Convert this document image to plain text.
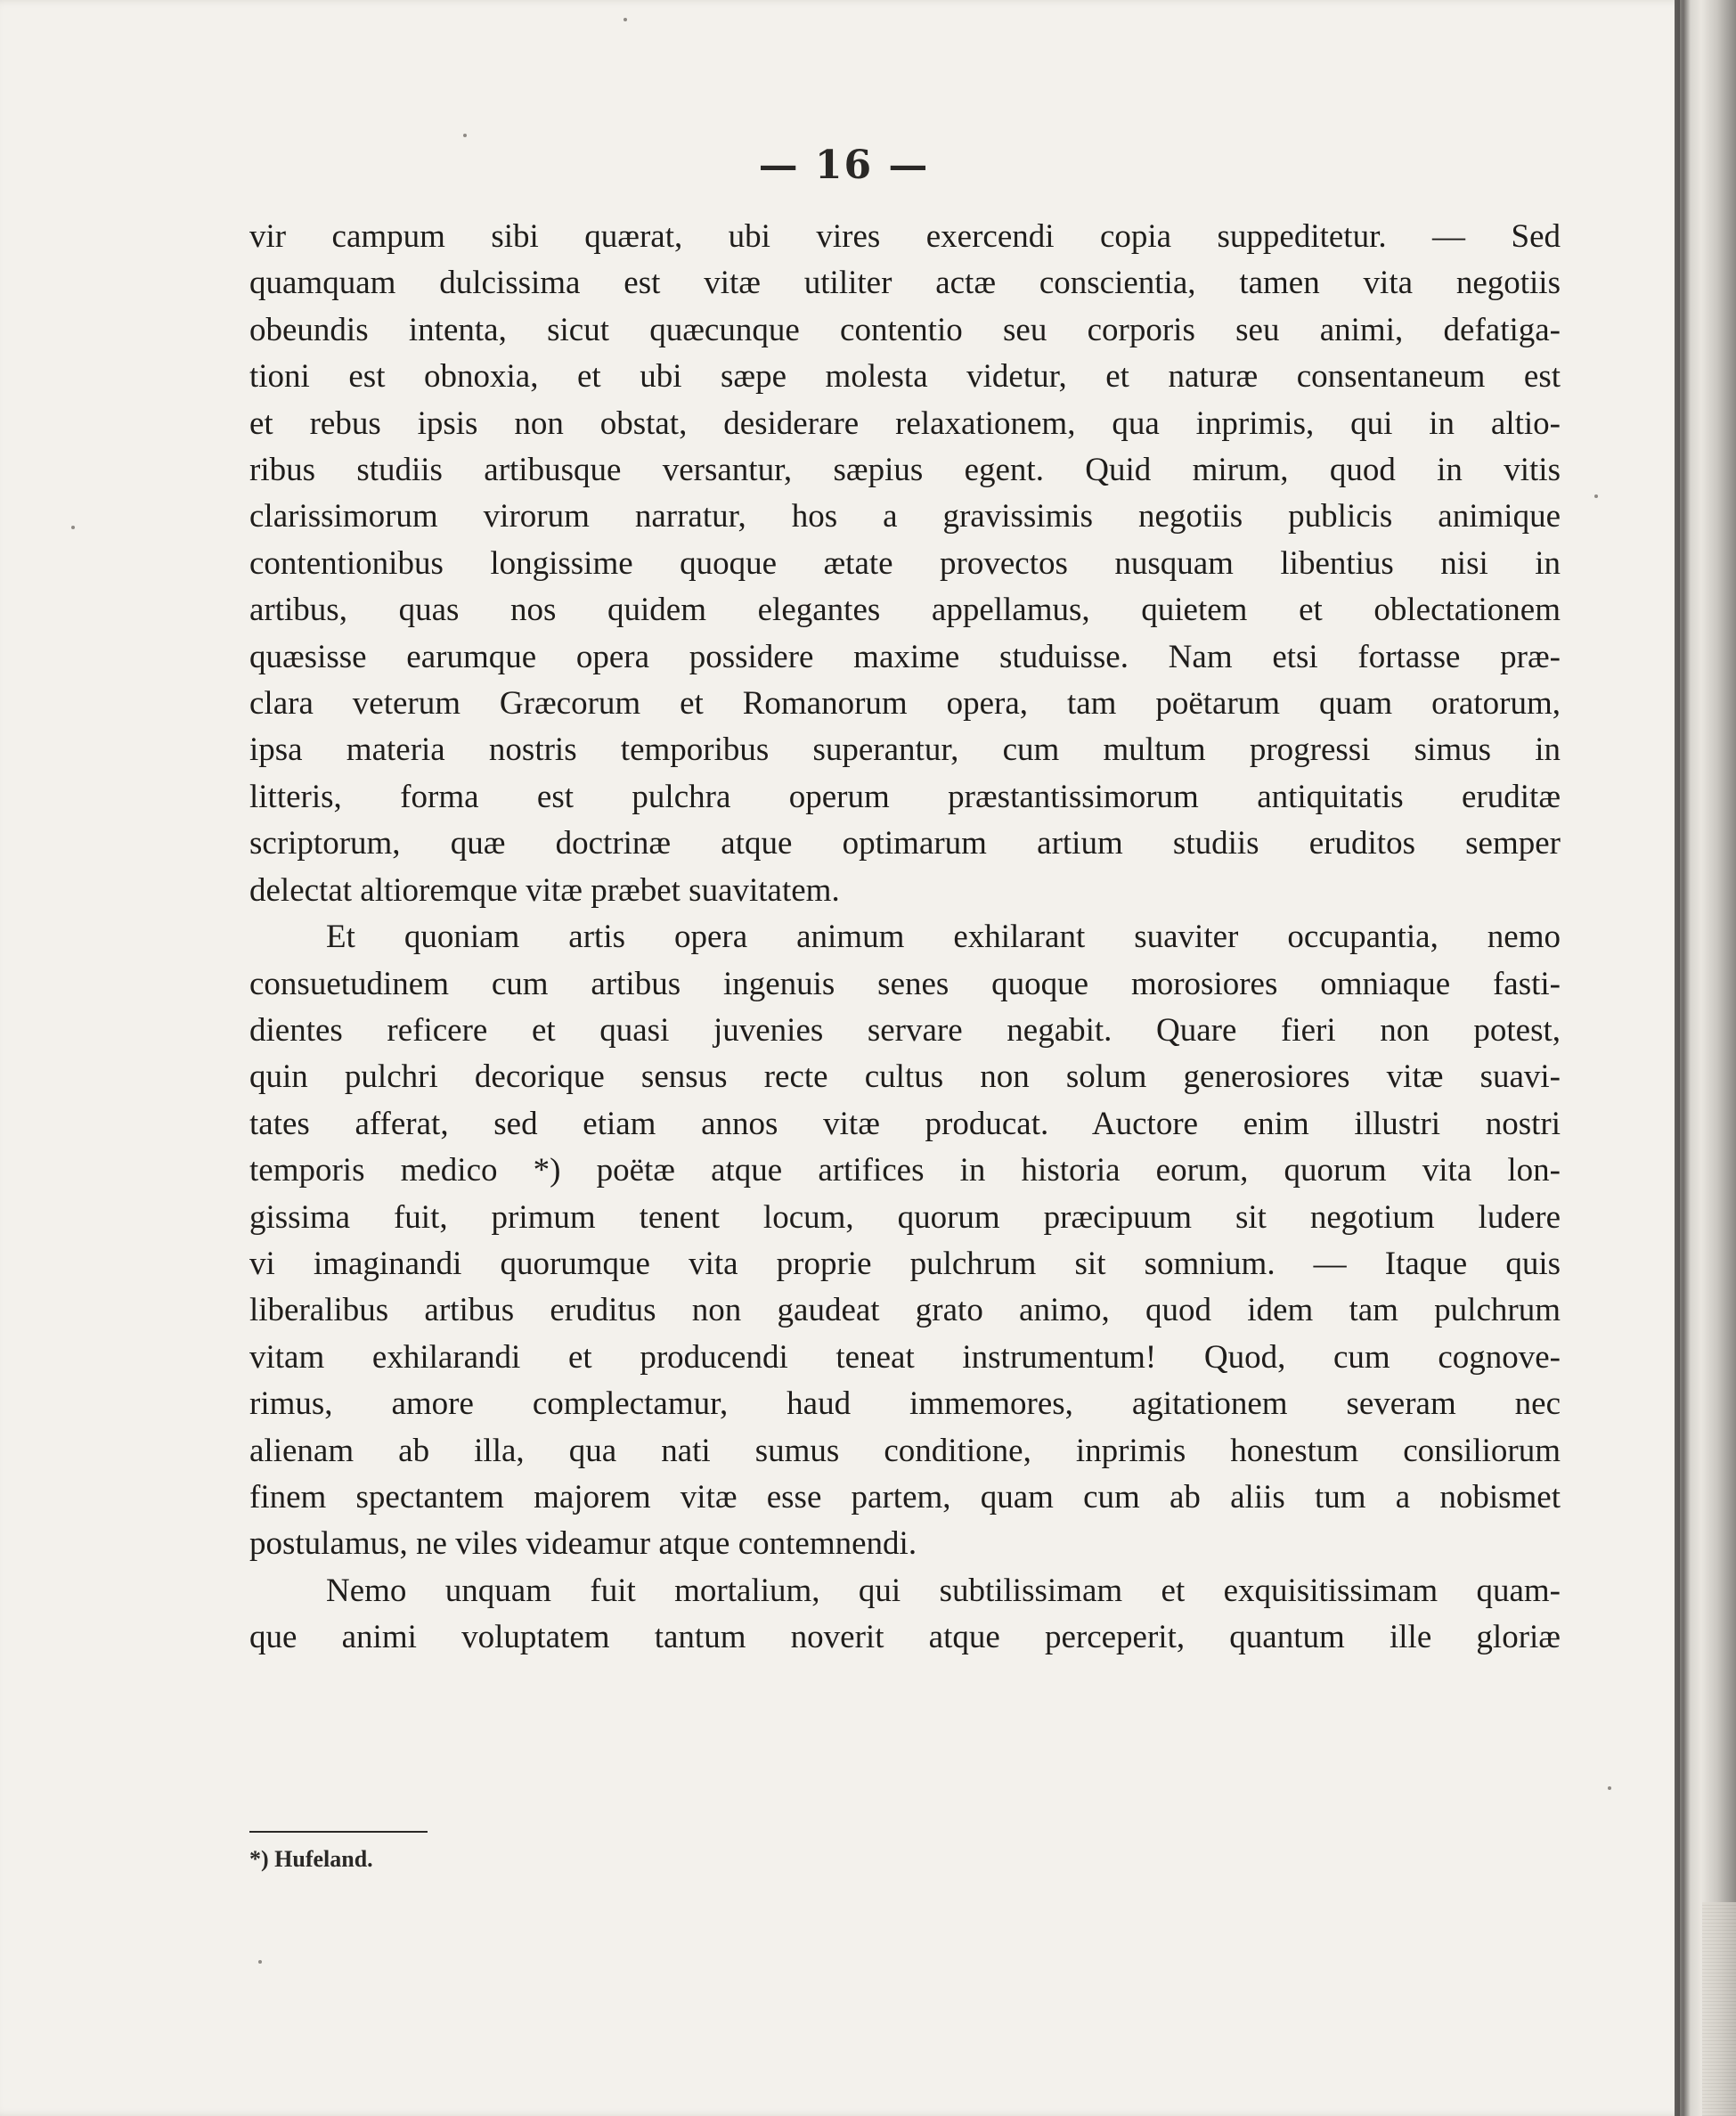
— 16 —
vir campum sibi quærat, ubi vires exercendi copia suppeditetur. — Sed
quamquam dulcissima est vitæ utiliter actæ conscientia, tamen vita negotiis
obeundis intenta, sicut quæcunque contentio seu corporis seu animi, defatiga-
tioni est obnoxia, et ubi sæpe molesta videtur, et naturæ consentaneum est
et rebus ipsis non obstat, desiderare relaxationem, qua inprimis, qui in altio-
ribus studiis artibusque versantur, sæpius egent. Quid mirum, quod in vitis
clarissimorum virorum narratur, hos a gravissimis negotiis publicis animique
contentionibus longissime quoque ætate provectos nusquam libentius nisi in
artibus, quas nos quidem elegantes appellamus, quietem et oblectationem
quæsisse earumque opera possidere maxime studuisse. Nam etsi fortasse præ-
clara veterum Græcorum et Romanorum opera, tam poëtarum quam oratorum,
ipsa materia nostris temporibus superantur, cum multum progressi simus in
litteris, forma est pulchra operum præstantissimorum antiquitatis eruditæ
scriptorum, quæ doctrinæ atque optimarum artium studiis eruditos semper
delectat altioremque vitæ præbet suavitatem.
Et quoniam artis opera animum exhilarant suaviter occupantia, nemo
consuetudinem cum artibus ingenuis senes quoque morosiores omniaque fasti-
dientes reficere et quasi juvenies servare negabit. Quare fieri non potest,
quin pulchri decorique sensus recte cultus non solum generosiores vitæ suavi-
tates afferat, sed etiam annos vitæ producat. Auctore enim illustri nostri
temporis medico *) poëtæ atque artifices in historia eorum, quorum vita lon-
gissima fuit, primum tenent locum, quorum præcipuum sit negotium ludere
vi imaginandi quorumque vita proprie pulchrum sit somnium. — Itaque quis
liberalibus artibus eruditus non gaudeat grato animo, quod idem tam pulchrum
vitam exhilarandi et producendi teneat instrumentum! Quod, cum cognove-
rimus, amore complectamur, haud immemores, agitationem severam nec
alienam ab illa, qua nati sumus conditione, inprimis honestum consiliorum
finem spectantem majorem vitæ esse partem, quam cum ab aliis tum a nobismet
postulamus, ne viles videamur atque contemnendi.
Nemo unquam fuit mortalium, qui subtilissimam et exquisitissimam quam-
que animi voluptatem tantum noverit atque perceperit, quantum ille gloriæ
*) Hufeland.
